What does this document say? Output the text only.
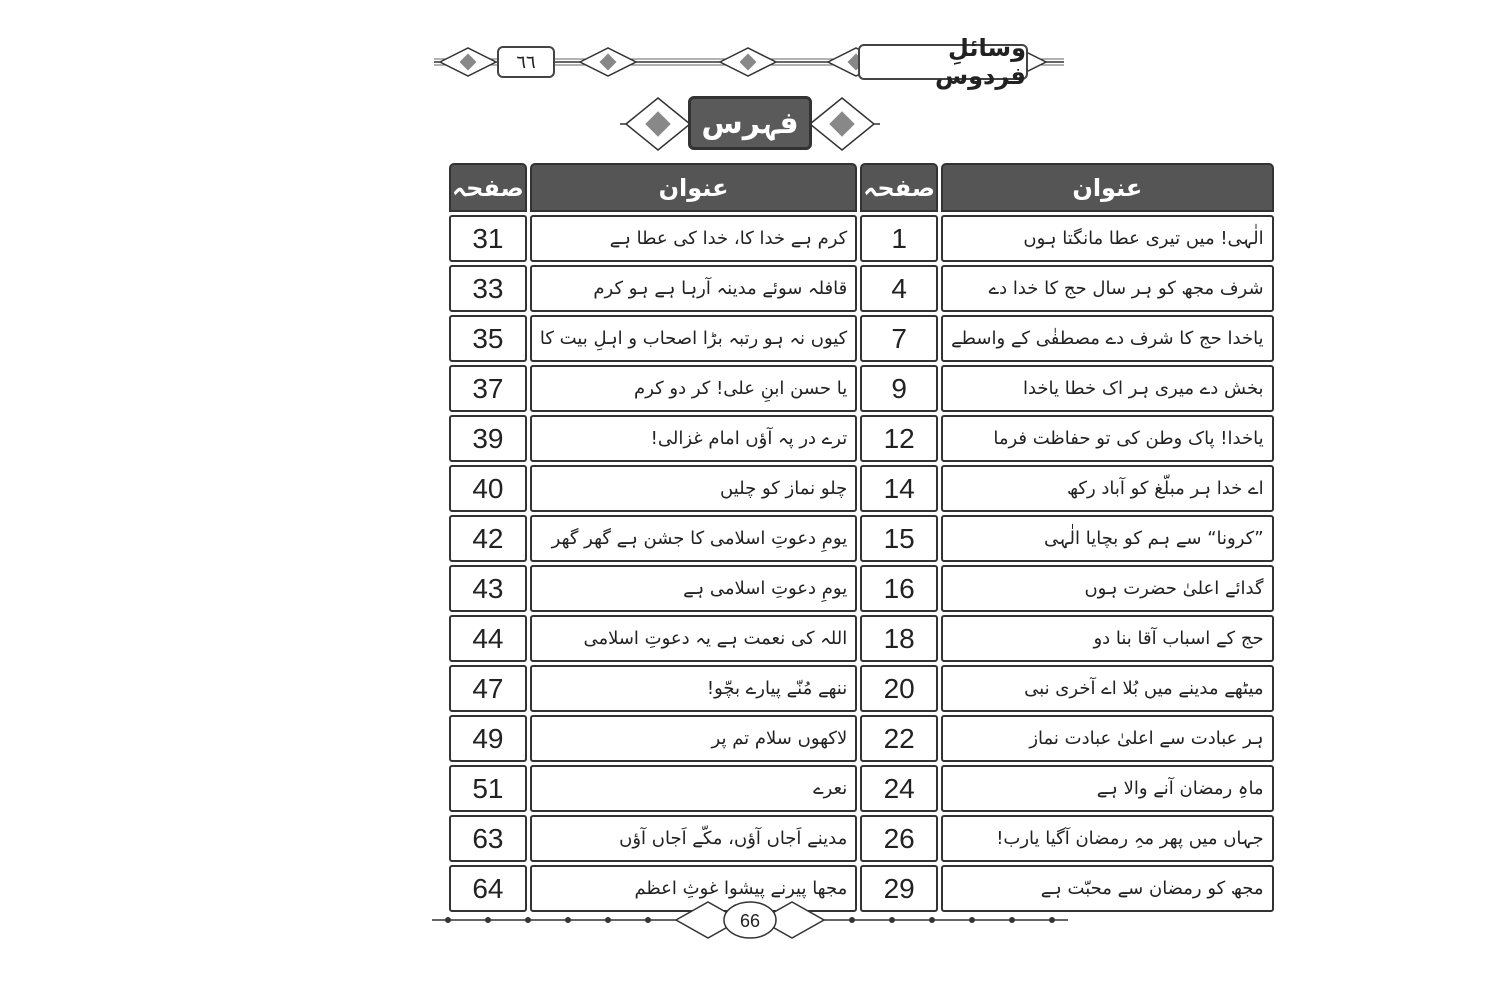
٦٦	وسائلِ فردوس
فہرس
عنوان	صفحہ	عنوان	صفحہ
الٰہی! میں تیری عطا مانگتا ہوں	1	کرم ہے خدا کا، خدا کی عطا ہے	31
شرف مجھ کو ہر سال حج کا خدا دے	4	قافلہ سوئے مدینہ آرہا ہے ہو کرم	33
یاخدا حج کا شرف دے مصطفٰی کے واسطے	7	کیوں نہ ہو رتبہ بڑا اصحاب و اہلِ بیت کا	35
بخش دے میری ہر اک خطا یاخدا	9	یا حسن ابنِ علی! کر دو کرم	37
یاخدا! پاک وطن کی تو حفاظت فرما	12	ترے در پہ آؤں امام غزالی!	39
اے خدا ہر مبلّغ کو آباد رکھ	14	چلو نماز کو چلیں	40
”کرونا“ سے ہم کو بچایا الٰہی	15	یومِ دعوتِ اسلامی کا جشن ہے گھر گھر	42
گدائے اعلیٰ حضرت ہوں	16	یومِ دعوتِ اسلامی ہے	43
حج کے اسباب آقا بنا دو	18	اللہ کی نعمت ہے یہ دعوتِ اسلامی	44
میٹھے مدینے میں بُلا اے آخری نبی	20	ننھے مُنّے پیارے بچّو!	47
ہر عبادت سے اعلیٰ عبادت نماز	22	لاکھوں سلام تم پر	49
ماہِ رمضان آنے والا ہے	24	نعرے	51
جہاں میں پھر مہِ رمضان آگیا یارب!	26	مدینے اَجاں آؤں، مکّے اَجاں آؤں	63
مجھ کو رمضان سے محبّت ہے	29	مجھا پیرنے پیشوا غوثِ اعظم	64
66
